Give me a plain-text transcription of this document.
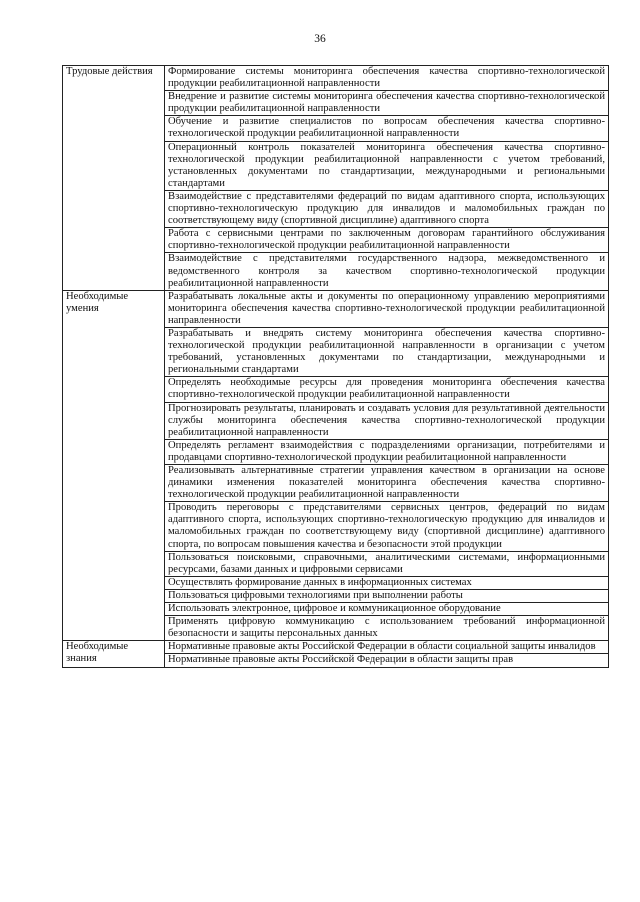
36
Трудовые действия	Формирование системы мониторинга обеспечения качества спортивно-технологической продукции реабилитационной направленности
	Внедрение и развитие системы мониторинга обеспечения качества спортивно-технологической продукции реабилитационной направленности
	Обучение и развитие специалистов по вопросам обеспечения качества спортивно-технологической продукции реабилитационной направленности
	Операционный контроль показателей мониторинга обеспечения качества спортивно-технологической продукции реабилитационной направленности с учетом требований, установленных документами по стандартизации, международными и региональными стандартами
	Взаимодействие с представителями федераций по видам адаптивного спорта, использующих спортивно-технологическую продукцию для инвалидов и маломобильных граждан по соответствующему виду (спортивной дисциплине) адаптивного спорта
	Работа с сервисными центрами по заключенным договорам гарантийного обслуживания спортивно-технологической продукции реабилитационной направленности
	Взаимодействие с представителями государственного надзора, межведомственного и ведомственного контроля за качеством спортивно-технологической продукции реабилитационной направленности
Необходимые умения	Разрабатывать локальные акты и документы по операционному управлению мероприятиями мониторинга обеспечения качества спортивно-технологической продукции реабилитационной направленности
	Разрабатывать и внедрять систему мониторинга обеспечения качества спортивно-технологической продукции реабилитационной направленности в организации с учетом требований, установленных документами по стандартизации, международными и региональными стандартами
	Определять необходимые ресурсы для проведения мониторинга обеспечения качества спортивно-технологической продукции реабилитационной направленности
	Прогнозировать результаты, планировать и создавать условия для результативной деятельности службы мониторинга обеспечения качества спортивно-технологической продукции реабилитационной направленности
	Определять регламент взаимодействия с подразделениями организации, потребителями и продавцами спортивно-технологической продукции реабилитационной направленности
	Реализовывать альтернативные стратегии управления качеством в организации на основе динамики изменения показателей мониторинга обеспечения качества спортивно-технологической продукции реабилитационной направленности
	Проводить переговоры с представителями сервисных центров, федераций по видам адаптивного спорта, использующих спортивно-технологическую продукцию для инвалидов и маломобильных граждан по соответствующему виду (спортивной дисциплине) адаптивного спорта, по вопросам повышения качества и безопасности этой продукции
	Пользоваться поисковыми, справочными, аналитическими системами, информационными ресурсами, базами данных и цифровыми сервисами
	Осуществлять формирование данных в информационных системах
	Пользоваться цифровыми технологиями при выполнении работы
	Использовать электронное, цифровое и коммуникационное оборудование
	Применять цифровую коммуникацию с использованием требований информационной безопасности и защиты персональных данных
Необходимые знания	Нормативные правовые акты Российской Федерации в области социальной защиты инвалидов
	Нормативные правовые акты Российской Федерации в области защиты прав
